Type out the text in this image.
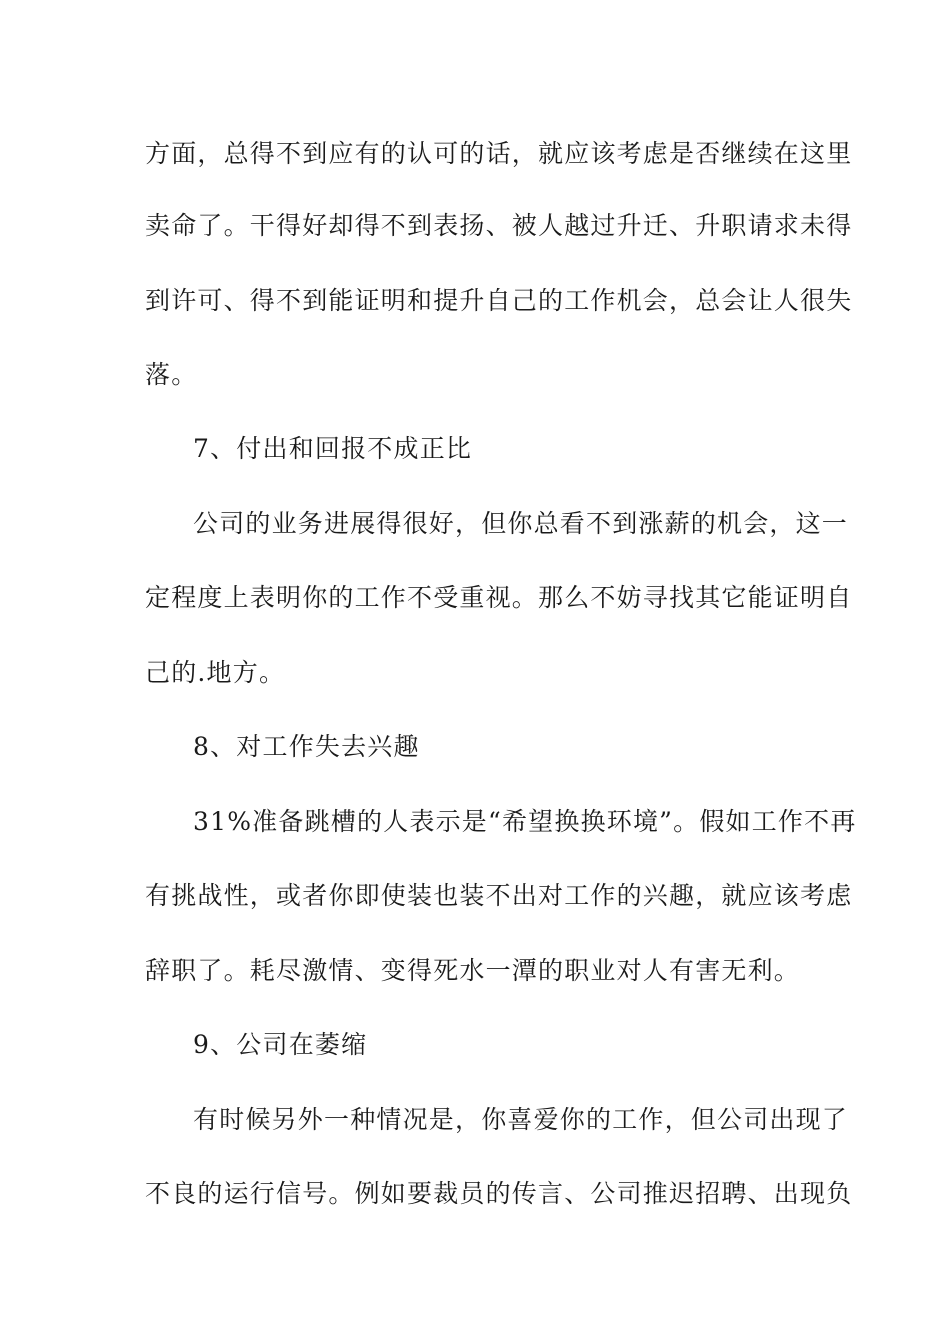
方面，总得不到应有的认可的话，就应该考虑是否继续在这里
卖命了。干得好却得不到表扬、被人越过升迁、升职请求未得
到许可、得不到能证明和提升自己的工作机会，总会让人很失
落。
7、付出和回报不成正比
公司的业务进展得很好，但你总看不到涨薪的机会，这一
定程度上表明你的工作不受重视。那么不妨寻找其它能证明自
己的.地方。
8、对工作失去兴趣
31%准备跳槽的人表示是“希望换换环境”。假如工作不再
有挑战性，或者你即使装也装不出对工作的兴趣，就应该考虑
辞职了。耗尽激情、变得死水一潭的职业对人有害无利。
9、公司在萎缩
有时候另外一种情况是，你喜爱你的工作，但公司出现了
不良的运行信号。例如要裁员的传言、公司推迟招聘、出现负
